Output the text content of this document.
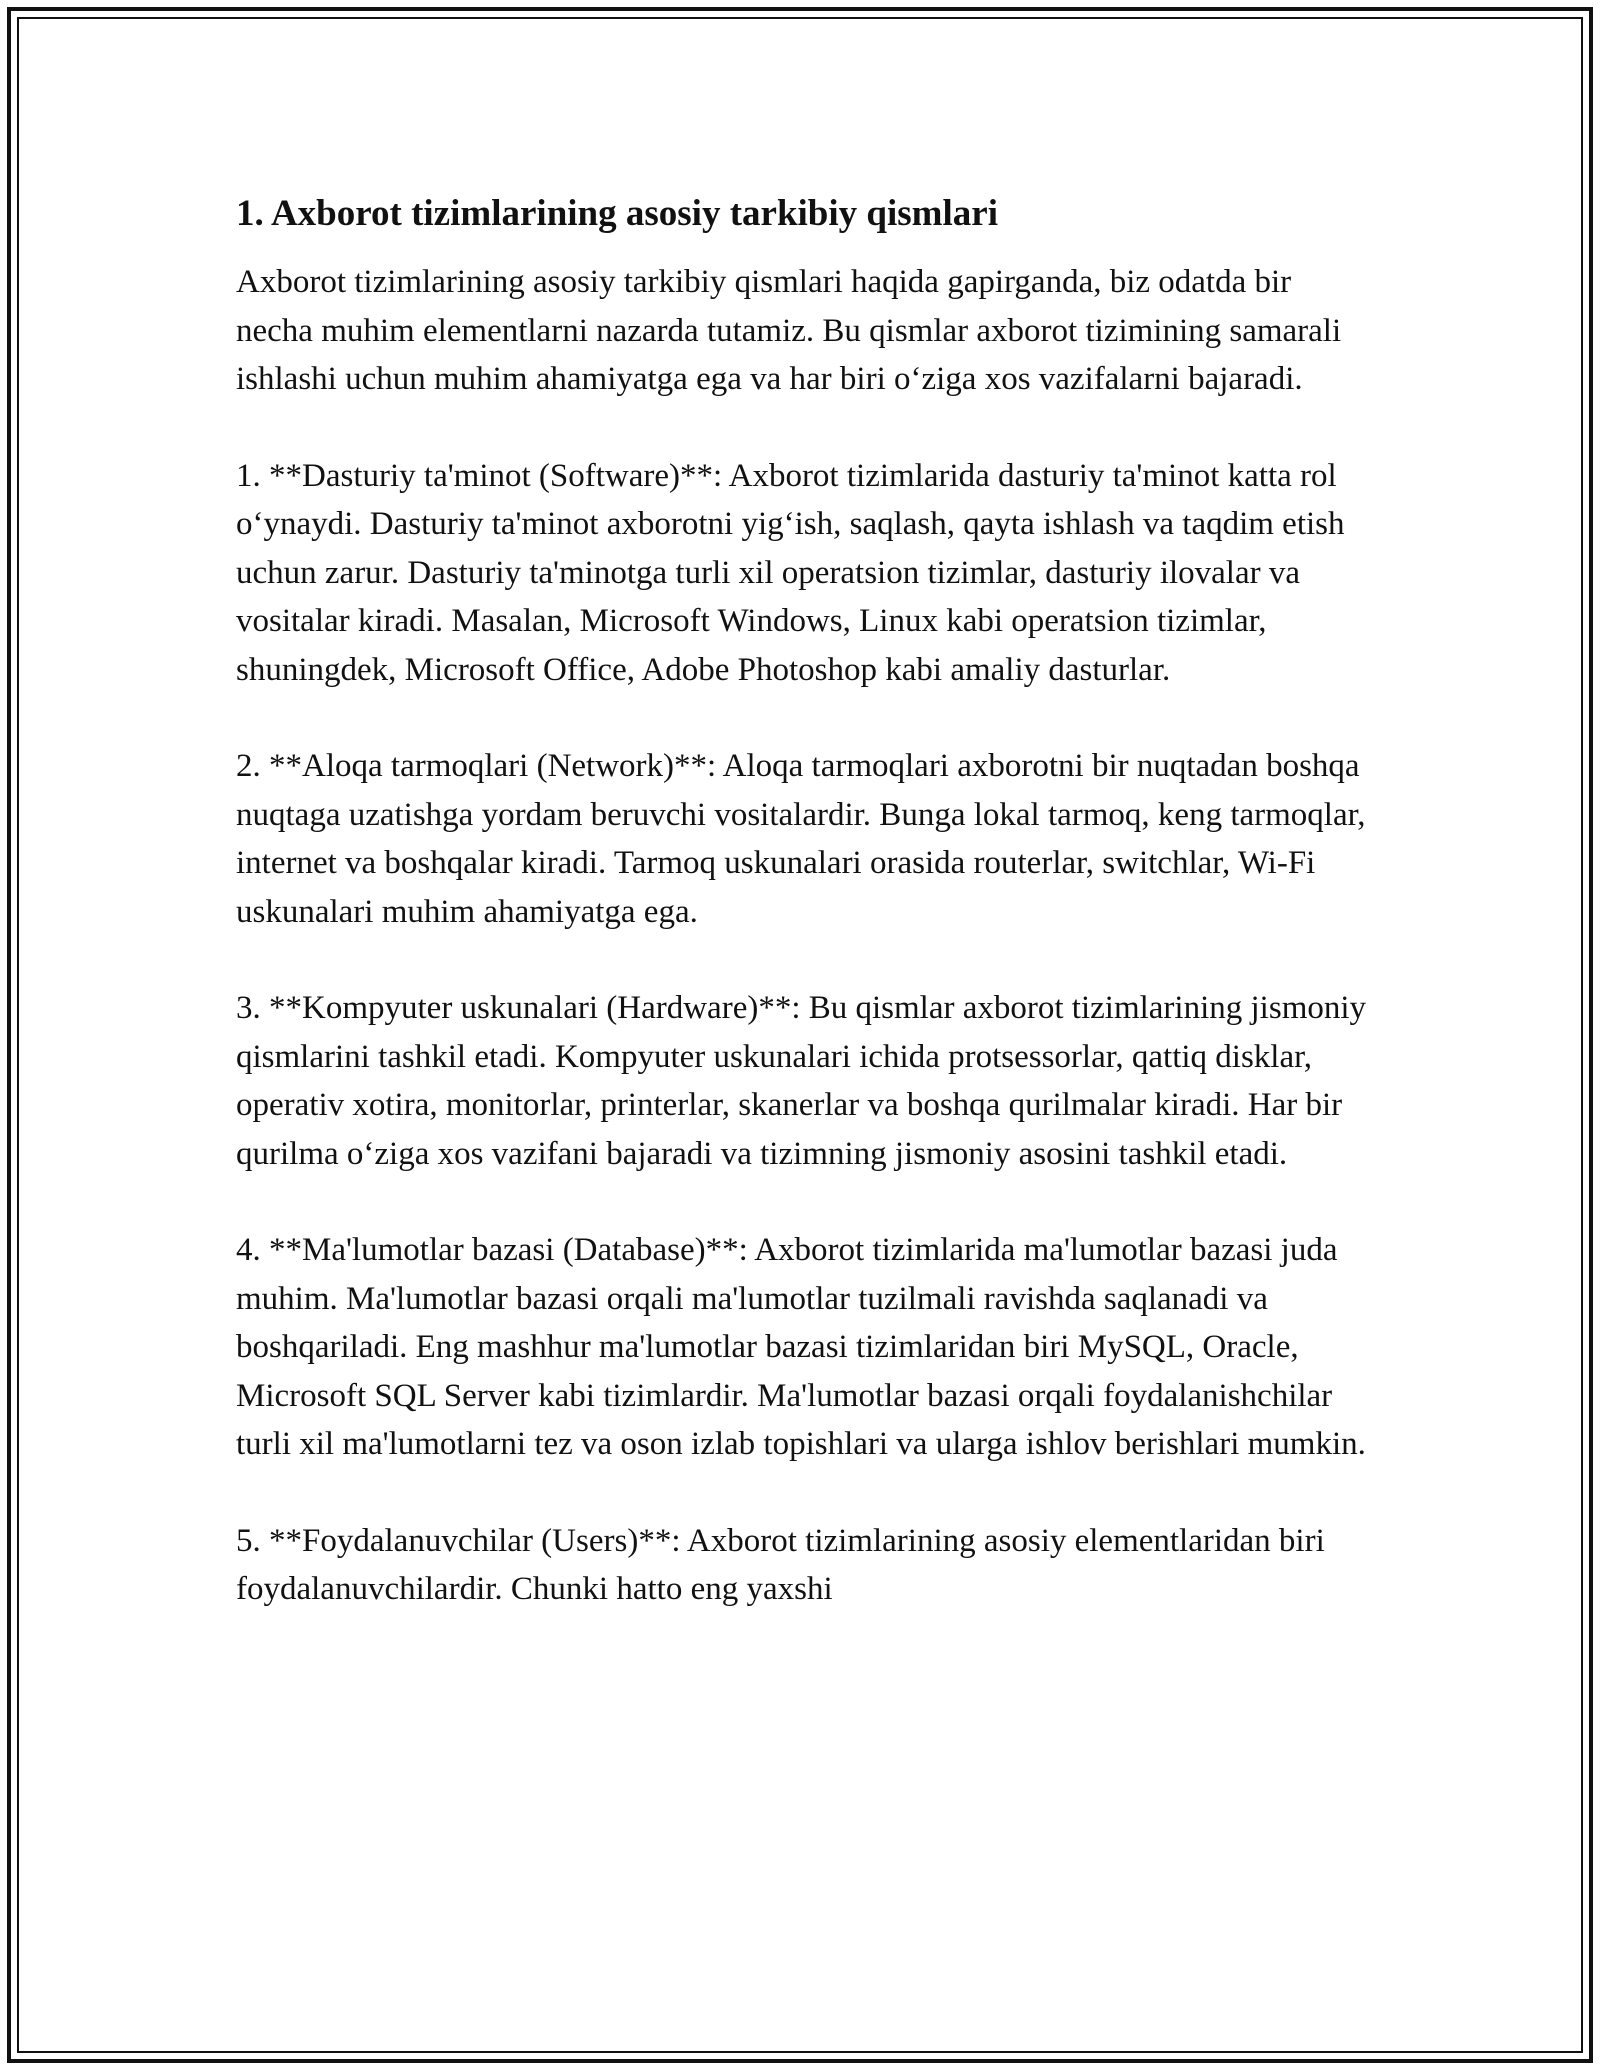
1. Axborot tizimlarining asosiy tarkibiy qismlari

Axborot tizimlarining asosiy tarkibiy qismlari haqida gapirganda, biz odatda bir necha muhim elementlarni nazarda tutamiz. Bu qismlar axborot tizimining samarali ishlashi uchun muhim ahamiyatga ega va har biri o‘ziga xos vazifalarni bajaradi.

1. **Dasturiy ta'minot (Software)**: Axborot tizimlarida dasturiy ta'minot katta rol o‘ynaydi. Dasturiy ta'minot axborotni yig‘ish, saqlash, qayta ishlash va taqdim etish uchun zarur. Dasturiy ta'minotga turli xil operatsion tizimlar, dasturiy ilovalar va vositalar kiradi. Masalan, Microsoft Windows, Linux kabi operatsion tizimlar, shuningdek, Microsoft Office, Adobe Photoshop kabi amaliy dasturlar.

2. **Aloqa tarmoqlari (Network)**: Aloqa tarmoqlari axborotni bir nuqtadan boshqa nuqtaga uzatishga yordam beruvchi vositalardir. Bunga lokal tarmoq, keng tarmoqlar, internet va boshqalar kiradi. Tarmoq uskunalari orasida routerlar, switchlar, Wi-Fi uskunalari muhim ahamiyatga ega.

3. **Kompyuter uskunalari (Hardware)**: Bu qismlar axborot tizimlarining jismoniy qismlarini tashkil etadi. Kompyuter uskunalari ichida protsessorlar, qattiq disklar, operativ xotira, monitorlar, printerlar, skanerlar va boshqa qurilmalar kiradi. Har bir qurilma o‘ziga xos vazifani bajaradi va tizimning jismoniy asosini tashkil etadi.

4. **Ma'lumotlar bazasi (Database)**: Axborot tizimlarida ma'lumotlar bazasi juda muhim. Ma'lumotlar bazasi orqali ma'lumotlar tuzilmali ravishda saqlanadi va boshqariladi. Eng mashhur ma'lumotlar bazasi tizimlaridan biri MySQL, Oracle, Microsoft SQL Server kabi tizimlardir. Ma'lumotlar bazasi orqali foydalanishchilar turli xil ma'lumotlarni tez va oson izlab topishlari va ularga ishlov berishlari mumkin.

5. **Foydalanuvchilar (Users)**: Axborot tizimlarining asosiy elementlaridan biri foydalanuvchilardir. Chunki hatto eng yaxshi
